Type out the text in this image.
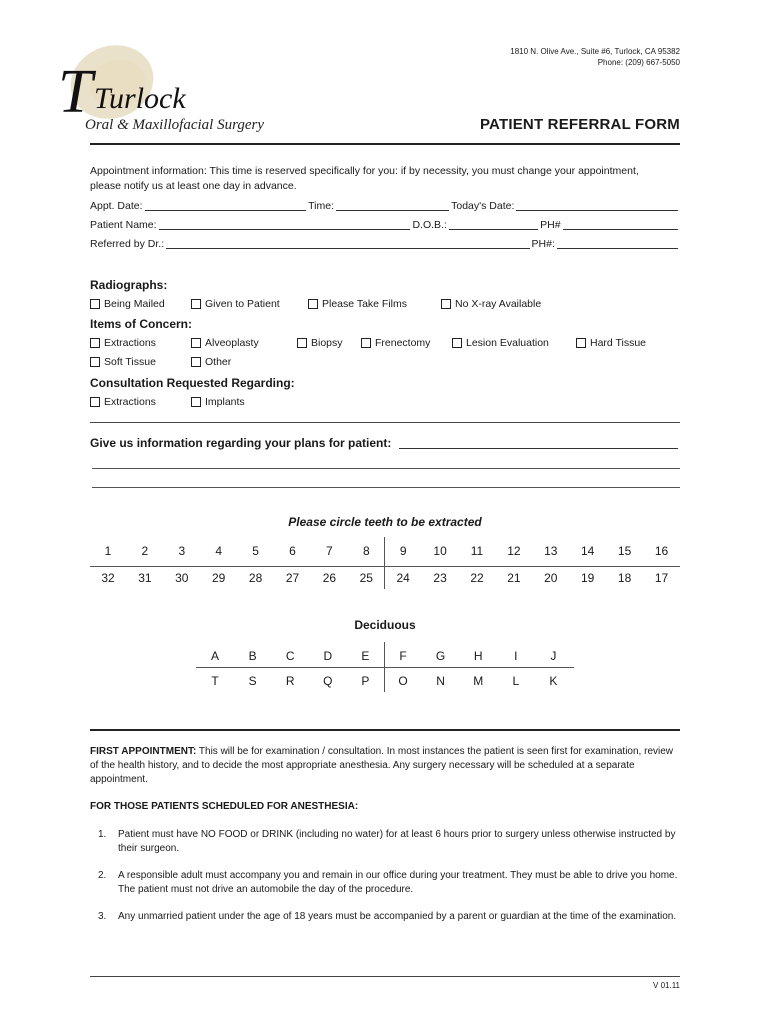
1810 N. Olive Ave., Suite #6, Turlock, CA 95382
Phone: (209) 667-5050
T Turlock
Oral & Maxillofacial Surgery	PATIENT REFERRAL FORM
Appointment information: This time is reserved specifically for you: if by necessity, you must change your appointment, please notify us at least one day in advance.
Appt. Date:	Time:	Today's Date:
Patient Name:	D.O.B.:	PH#
Referred by Dr.:	PH#:
Radiographs:
Being Mailed	Given to Patient	Please Take Films	No X-ray Available
Items of Concern:
Extractions	Alveoplasty	Biopsy	Frenectomy	Lesion Evaluation	Hard Tissue
Soft Tissue	Other
Consultation Requested Regarding:
Extractions	Implants
Give us information regarding your plans for patient:
Please circle teeth to be extracted
1	2	3	4	5	6	7	8	9	10	11	12	13	14	15	16
32	31	30	29	28	27	26	25	24	23	22	21	20	19	18	17
Deciduous
A	B	C	D	E	F	G	H	I	J
T	S	R	Q	P	O	N	M	L	K
FIRST APPOINTMENT: This will be for examination / consultation. In most instances the patient is seen first for examination, review of the health history, and to decide the most appropriate anesthesia. Any surgery necessary will be scheduled at a separate appointment.
FOR THOSE PATIENTS SCHEDULED FOR ANESTHESIA:
1.	Patient must have NO FOOD or DRINK (including no water) for at least 6 hours prior to surgery unless otherwise instructed by their surgeon.
2.	A responsible adult must accompany you and remain in our office during your treatment. They must be able to drive you home. The patient must not drive an automobile the day of the procedure.
3.	Any unmarried patient under the age of 18 years must be accompanied by a parent or guardian at the time of the examination.
V 01.11
